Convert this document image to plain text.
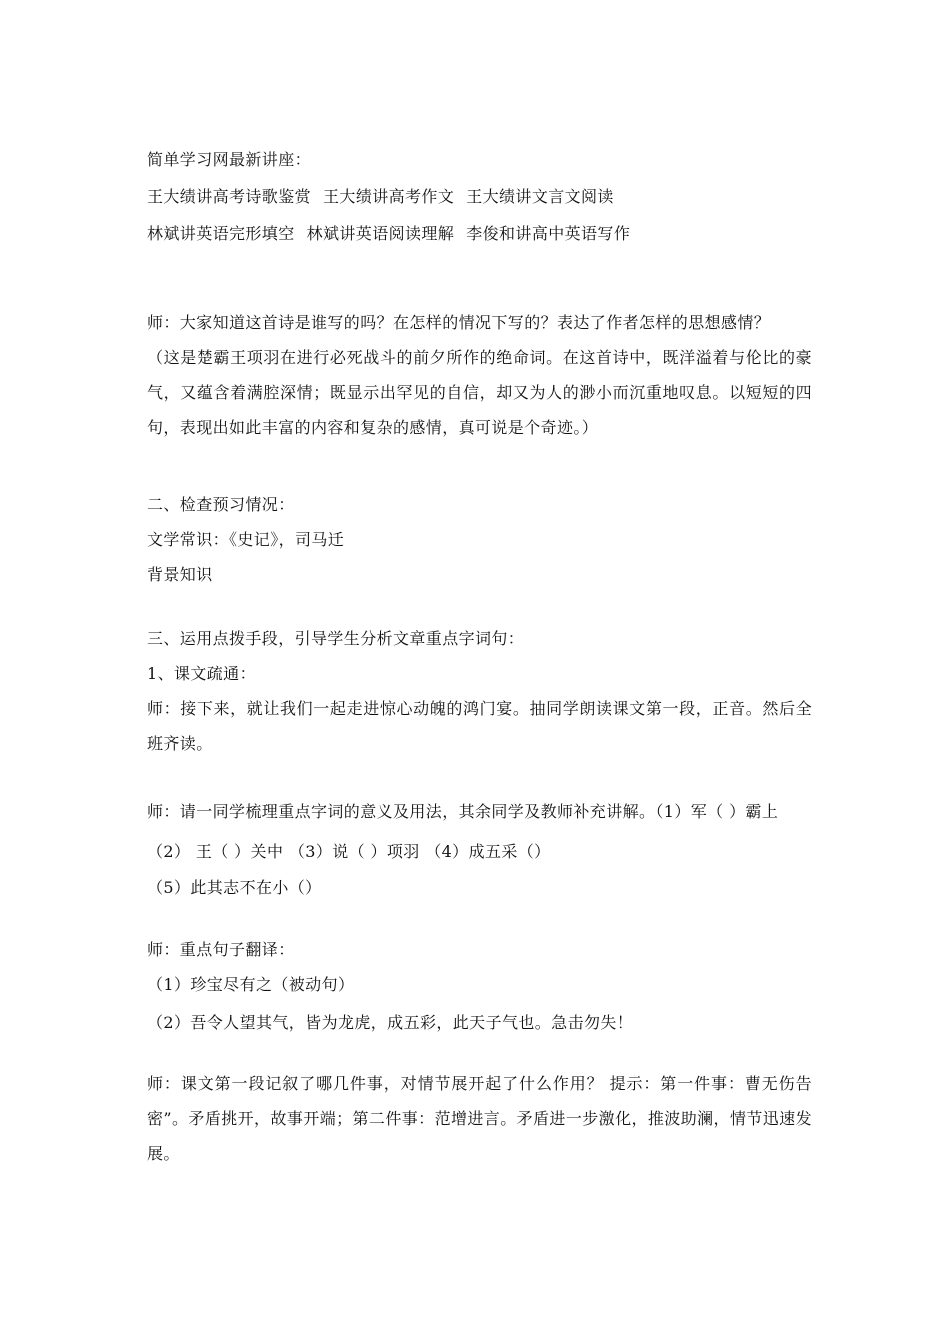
简单学习网最新讲座：
王大绩讲高考诗歌鉴赏 王大绩讲高考作文 王大绩讲文言文阅读
林斌讲英语完形填空 林斌讲英语阅读理解 李俊和讲高中英语写作
师：大家知道这首诗是谁写的吗？在怎样的情况下写的？表达了作者怎样的思想感情？
（这是楚霸王项羽在进行必死战斗的前夕所作的绝命词。在这首诗中，既洋溢着与伦比的豪气，又蕴含着满腔深情；既显示出罕见的自信，却又为人的渺小而沉重地叹息。以短短的四句，表现出如此丰富的内容和复杂的感情，真可说是个奇迹。）
二、检查预习情况：
文学常识：《史记》，司马迁
背景知识
三、运用点拨手段，引导学生分析文章重点字词句：
1、课文疏通：
师：接下来，就让我们一起走进惊心动魄的鸿门宴。抽同学朗读课文第一段，正音。然后全班齐读。
师：请一同学梳理重点字词的意义及用法，其余同学及教师补充讲解。（1）军（ ）霸上
（2） 王（ ）关中 （3）说（ ）项羽 （4）成五采（）
（5）此其志不在小（）
师：重点句子翻译：
（1）珍宝尽有之（被动句）
（2）吾令人望其气，皆为龙虎，成五彩，此天子气也。急击勿失！
师：课文第一段记叙了哪几件事，对情节展开起了什么作用？ 提示：第一件事：曹无伤告密”。矛盾挑开，故事开端；第二件事：范增进言。矛盾进一步激化，推波助澜，情节迅速发展。
